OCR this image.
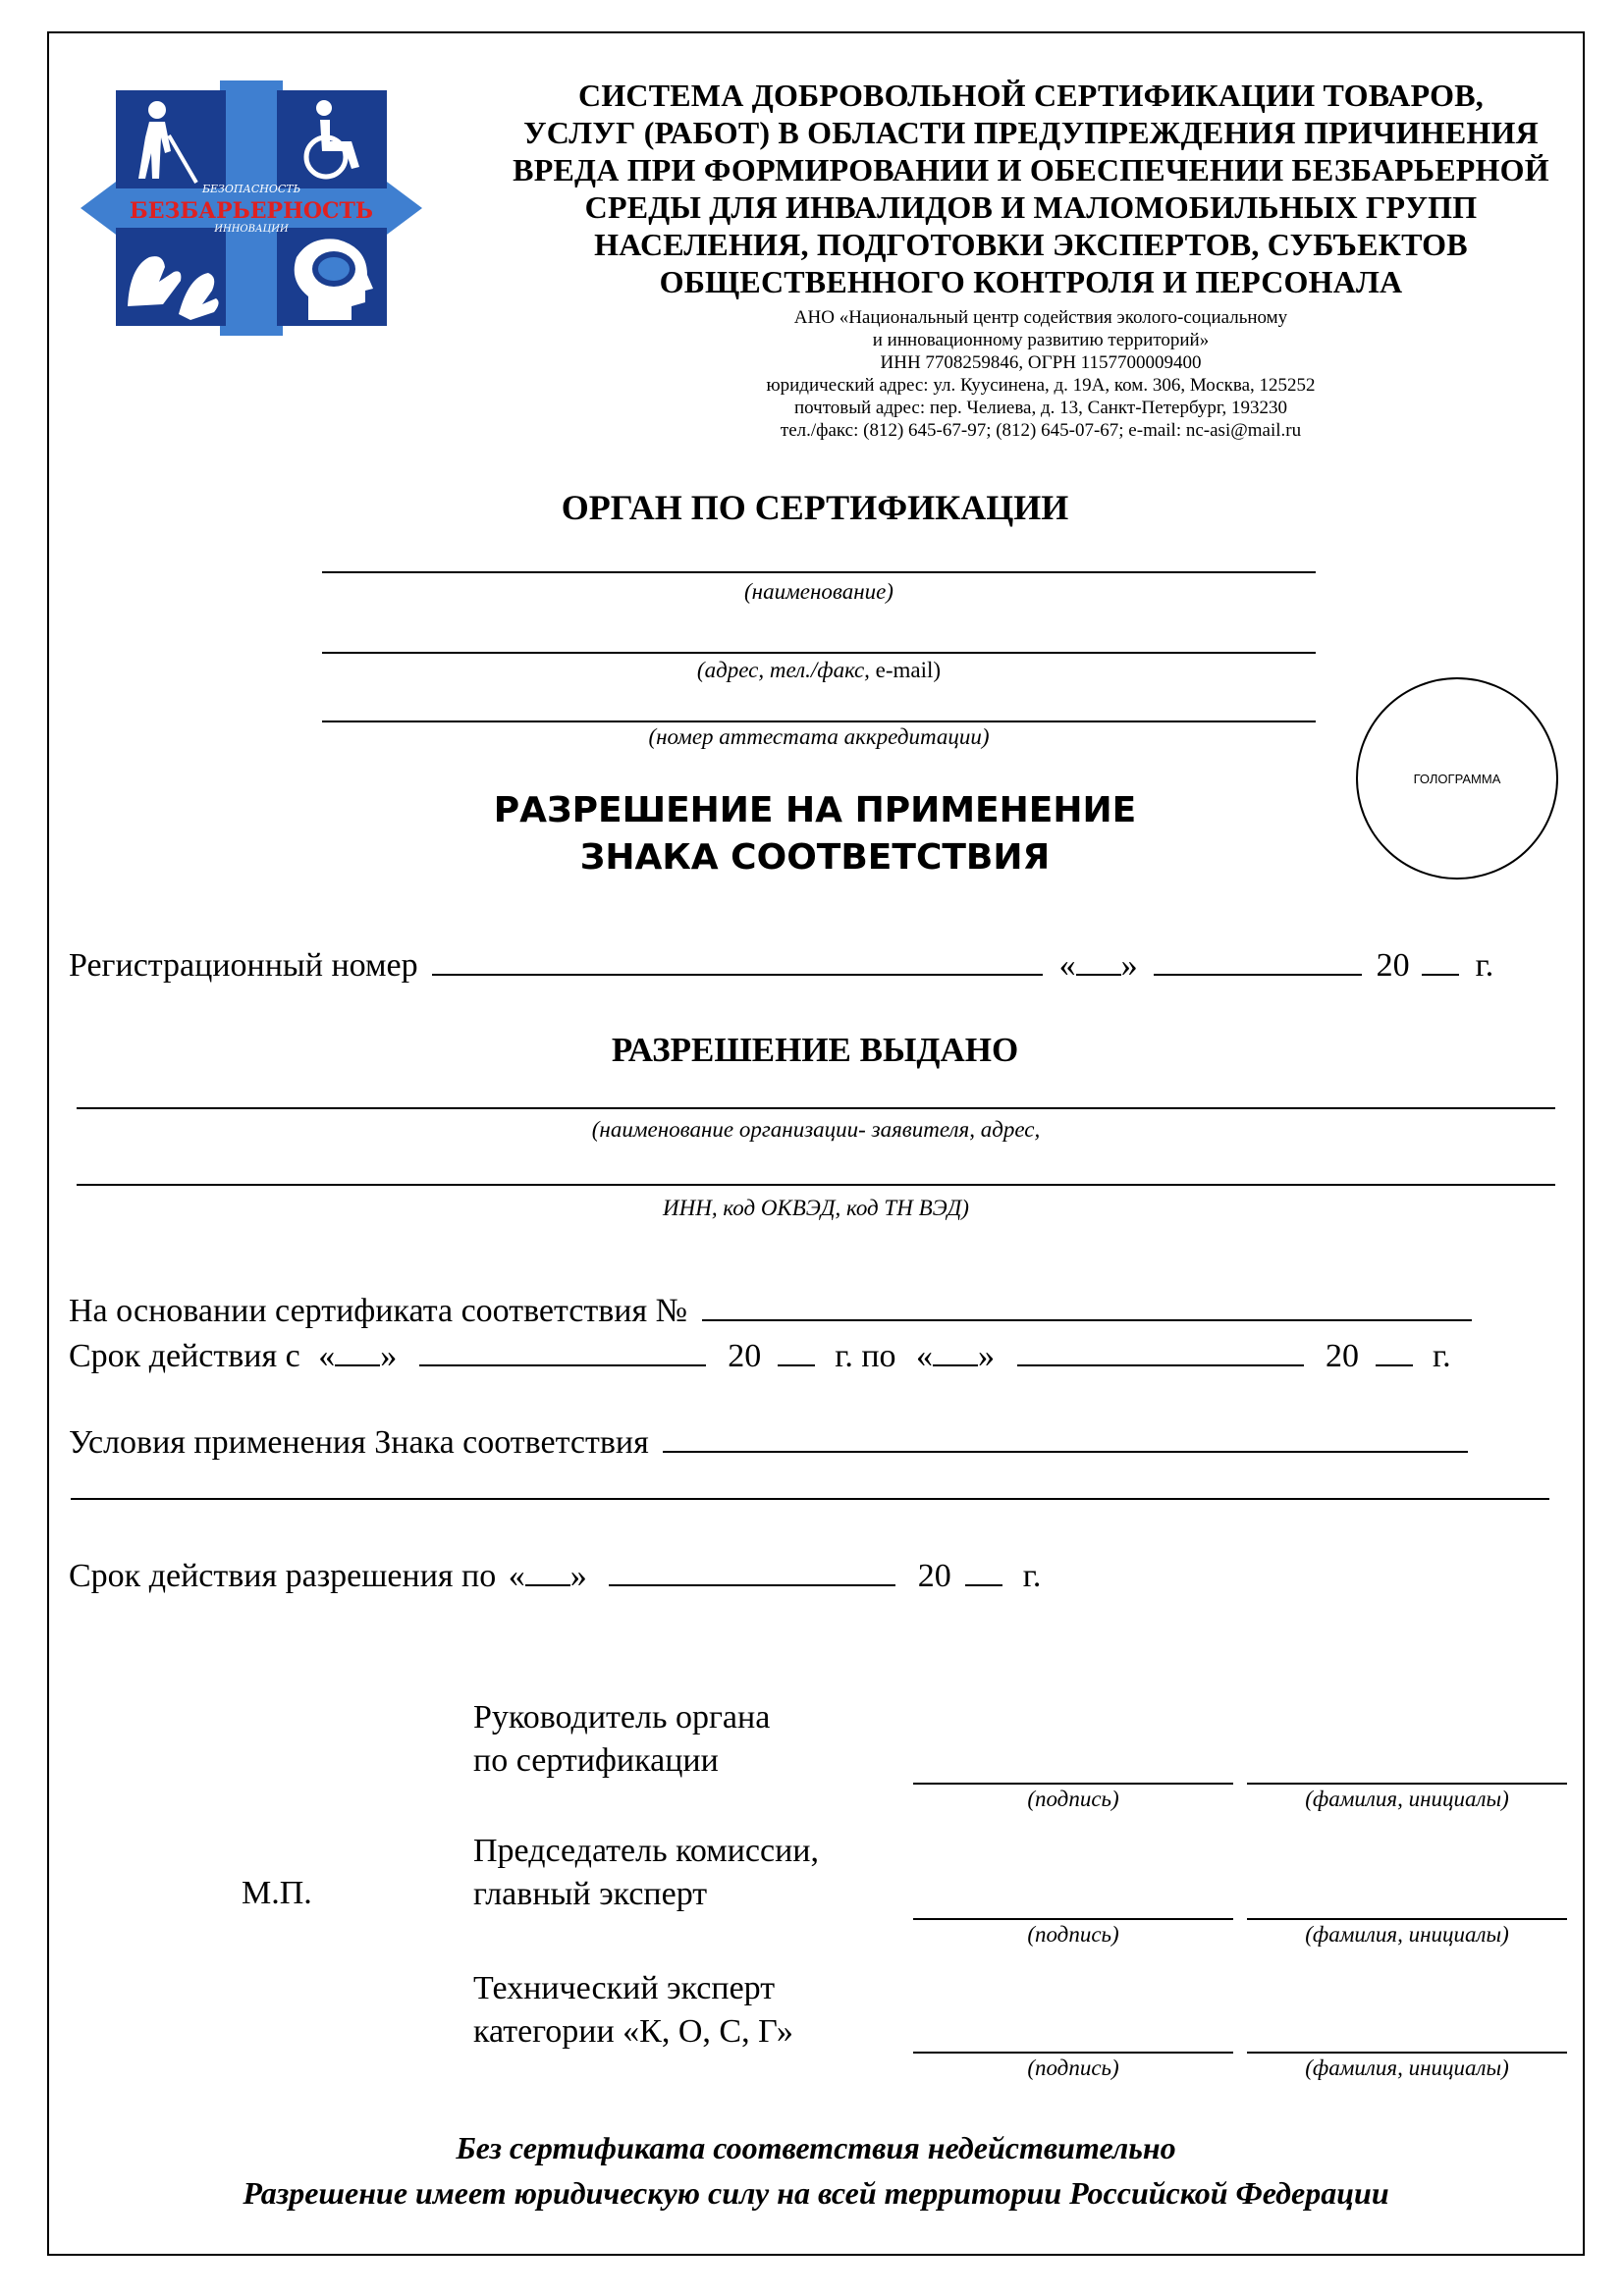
БЕЗОПАСНОСТЬ
БЕЗБАРЬЕРНОСТЬ
ИННОВАЦИИ
СИСТЕМА ДОБРОВОЛЬНОЙ СЕРТИФИКАЦИИ ТОВАРОВ,
УСЛУГ (РАБОТ) В ОБЛАСТИ ПРЕДУПРЕЖДЕНИЯ ПРИЧИНЕНИЯ
ВРЕДА ПРИ ФОРМИРОВАНИИ И ОБЕСПЕЧЕНИИ БЕЗБАРЬЕРНОЙ
СРЕДЫ ДЛЯ ИНВАЛИДОВ И МАЛОМОБИЛЬНЫХ ГРУПП
НАСЕЛЕНИЯ, ПОДГОТОВКИ ЭКСПЕРТОВ, СУБЪЕКТОВ
ОБЩЕСТВЕННОГО КОНТРОЛЯ И ПЕРСОНАЛА
АНО «Национальный центр содействия эколого-социальному
и инновационному развитию территорий»
ИНН 7708259846, ОГРН 1157700009400
юридический адрес: ул. Куусинена, д. 19А, ком. 306, Москва, 125252
почтовый адрес: пер. Челиева, д. 13, Санкт-Петербург, 193230
тел./факс: (812) 645-67-97; (812) 645-07-67; e-mail: nc-asi@mail.ru
ОРГАН ПО СЕРТИФИКАЦИИ
(наименование)
(адрес, тел./факс, e-mail)
(номер аттестата аккредитации)
ГОЛОГРАММА
РАЗРЕШЕНИЕ НА ПРИМЕНЕНИЕ
ЗНАКА СООТВЕТСТВИЯ
Регистрационный номер	« »	20 г.
РАЗРЕШЕНИЕ ВЫДАНО
(наименование организации- заявителя, адрес,
ИНН, код ОКВЭД, код ТН ВЭД)
На основании сертификата соответствия №
Срок действия с « »	20 г. по « »	20 г.
Условия применения Знака соответствия
Срок действия разрешения по « »	20 г.
М.П.
Руководитель органа
по сертификации
(подпись)	(фамилия, инициалы)
Председатель комиссии,
главный эксперт
(подпись)	(фамилия, инициалы)
Технический эксперт
категории «К, О, С, Г»
(подпись)	(фамилия, инициалы)
Без сертификата соответствия недействительно
Разрешение имеет юридическую силу на всей территории Российской Федерации
